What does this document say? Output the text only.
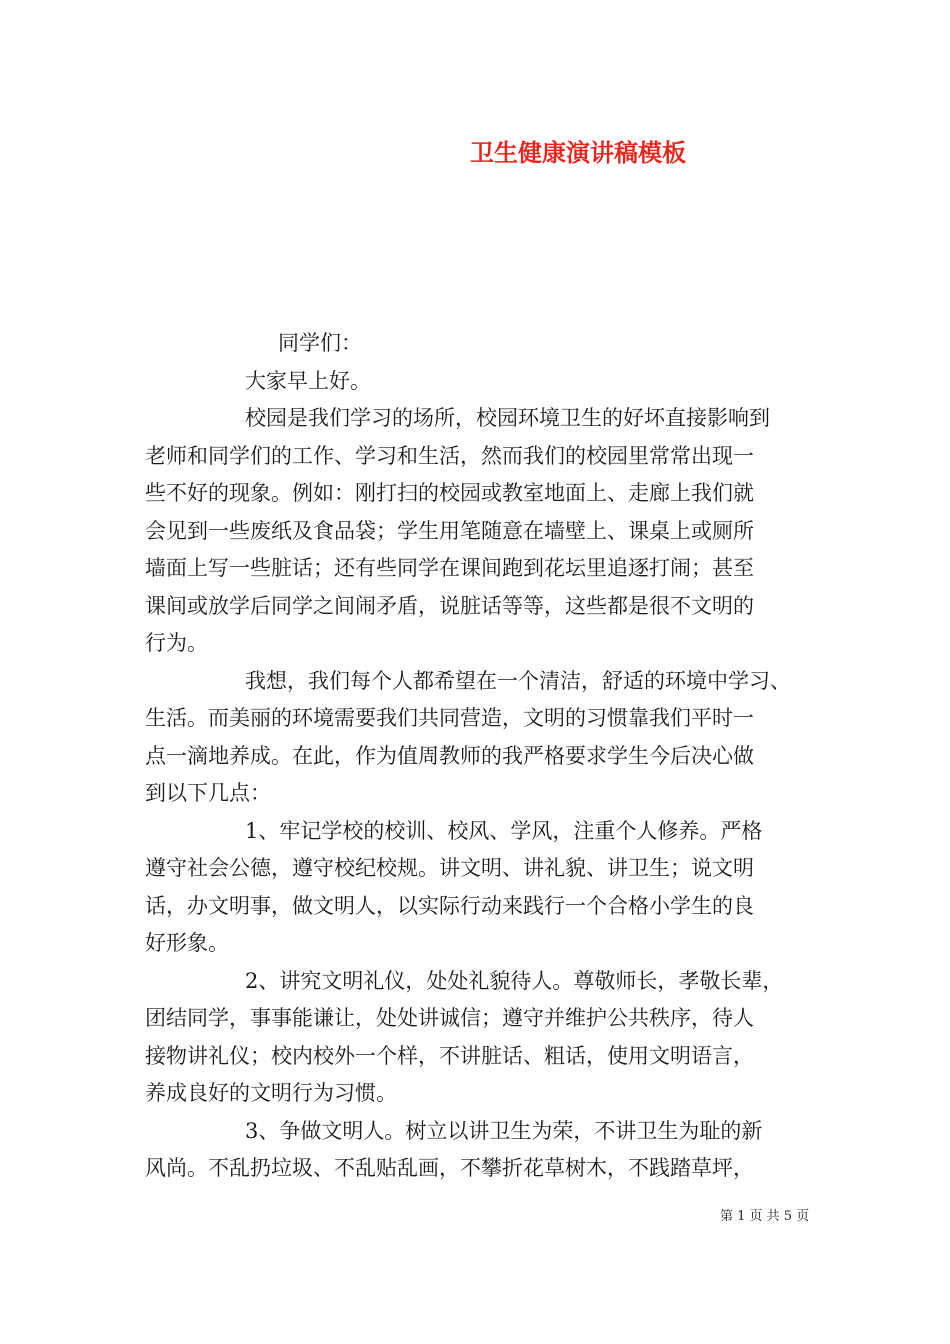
卫生健康演讲稿模板

同学们：

大家早上好。

校园是我们学习的场所，校园环境卫生的好坏直接影响到

老师和同学们的工作、学习和生活，然而我们的校园里常常出现一

些不好的现象。例如：刚打扫的校园或教室地面上、走廊上我们就

会见到一些废纸及食品袋；学生用笔随意在墙壁上、课桌上或厕所

墙面上写一些脏话；还有些同学在课间跑到花坛里追逐打闹；甚至

课间或放学后同学之间闹矛盾，说脏话等等，这些都是很不文明的

行为。

我想，我们每个人都希望在一个清洁，舒适的环境中学习、

生活。而美丽的环境需要我们共同营造，文明的习惯靠我们平时一

点一滴地养成。在此，作为值周教师的我严格要求学生今后决心做

到以下几点：

1、牢记学校的校训、校风、学风，注重个人修养。严格

遵守社会公德，遵守校纪校规。讲文明、讲礼貌、讲卫生；说文明

话，办文明事，做文明人，以实际行动来践行一个合格小学生的良

好形象。

2、讲究文明礼仪，处处礼貌待人。尊敬师长，孝敬长辈，

团结同学，事事能谦让，处处讲诚信；遵守并维护公共秩序，待人

接物讲礼仪；校内校外一个样，不讲脏话、粗话，使用文明语言，

养成良好的文明行为习惯。

3、争做文明人。树立以讲卫生为荣，不讲卫生为耻的新

风尚。不乱扔垃圾、不乱贴乱画，不攀折花草树木，不践踏草坪，

第 1 页 共 5 页
